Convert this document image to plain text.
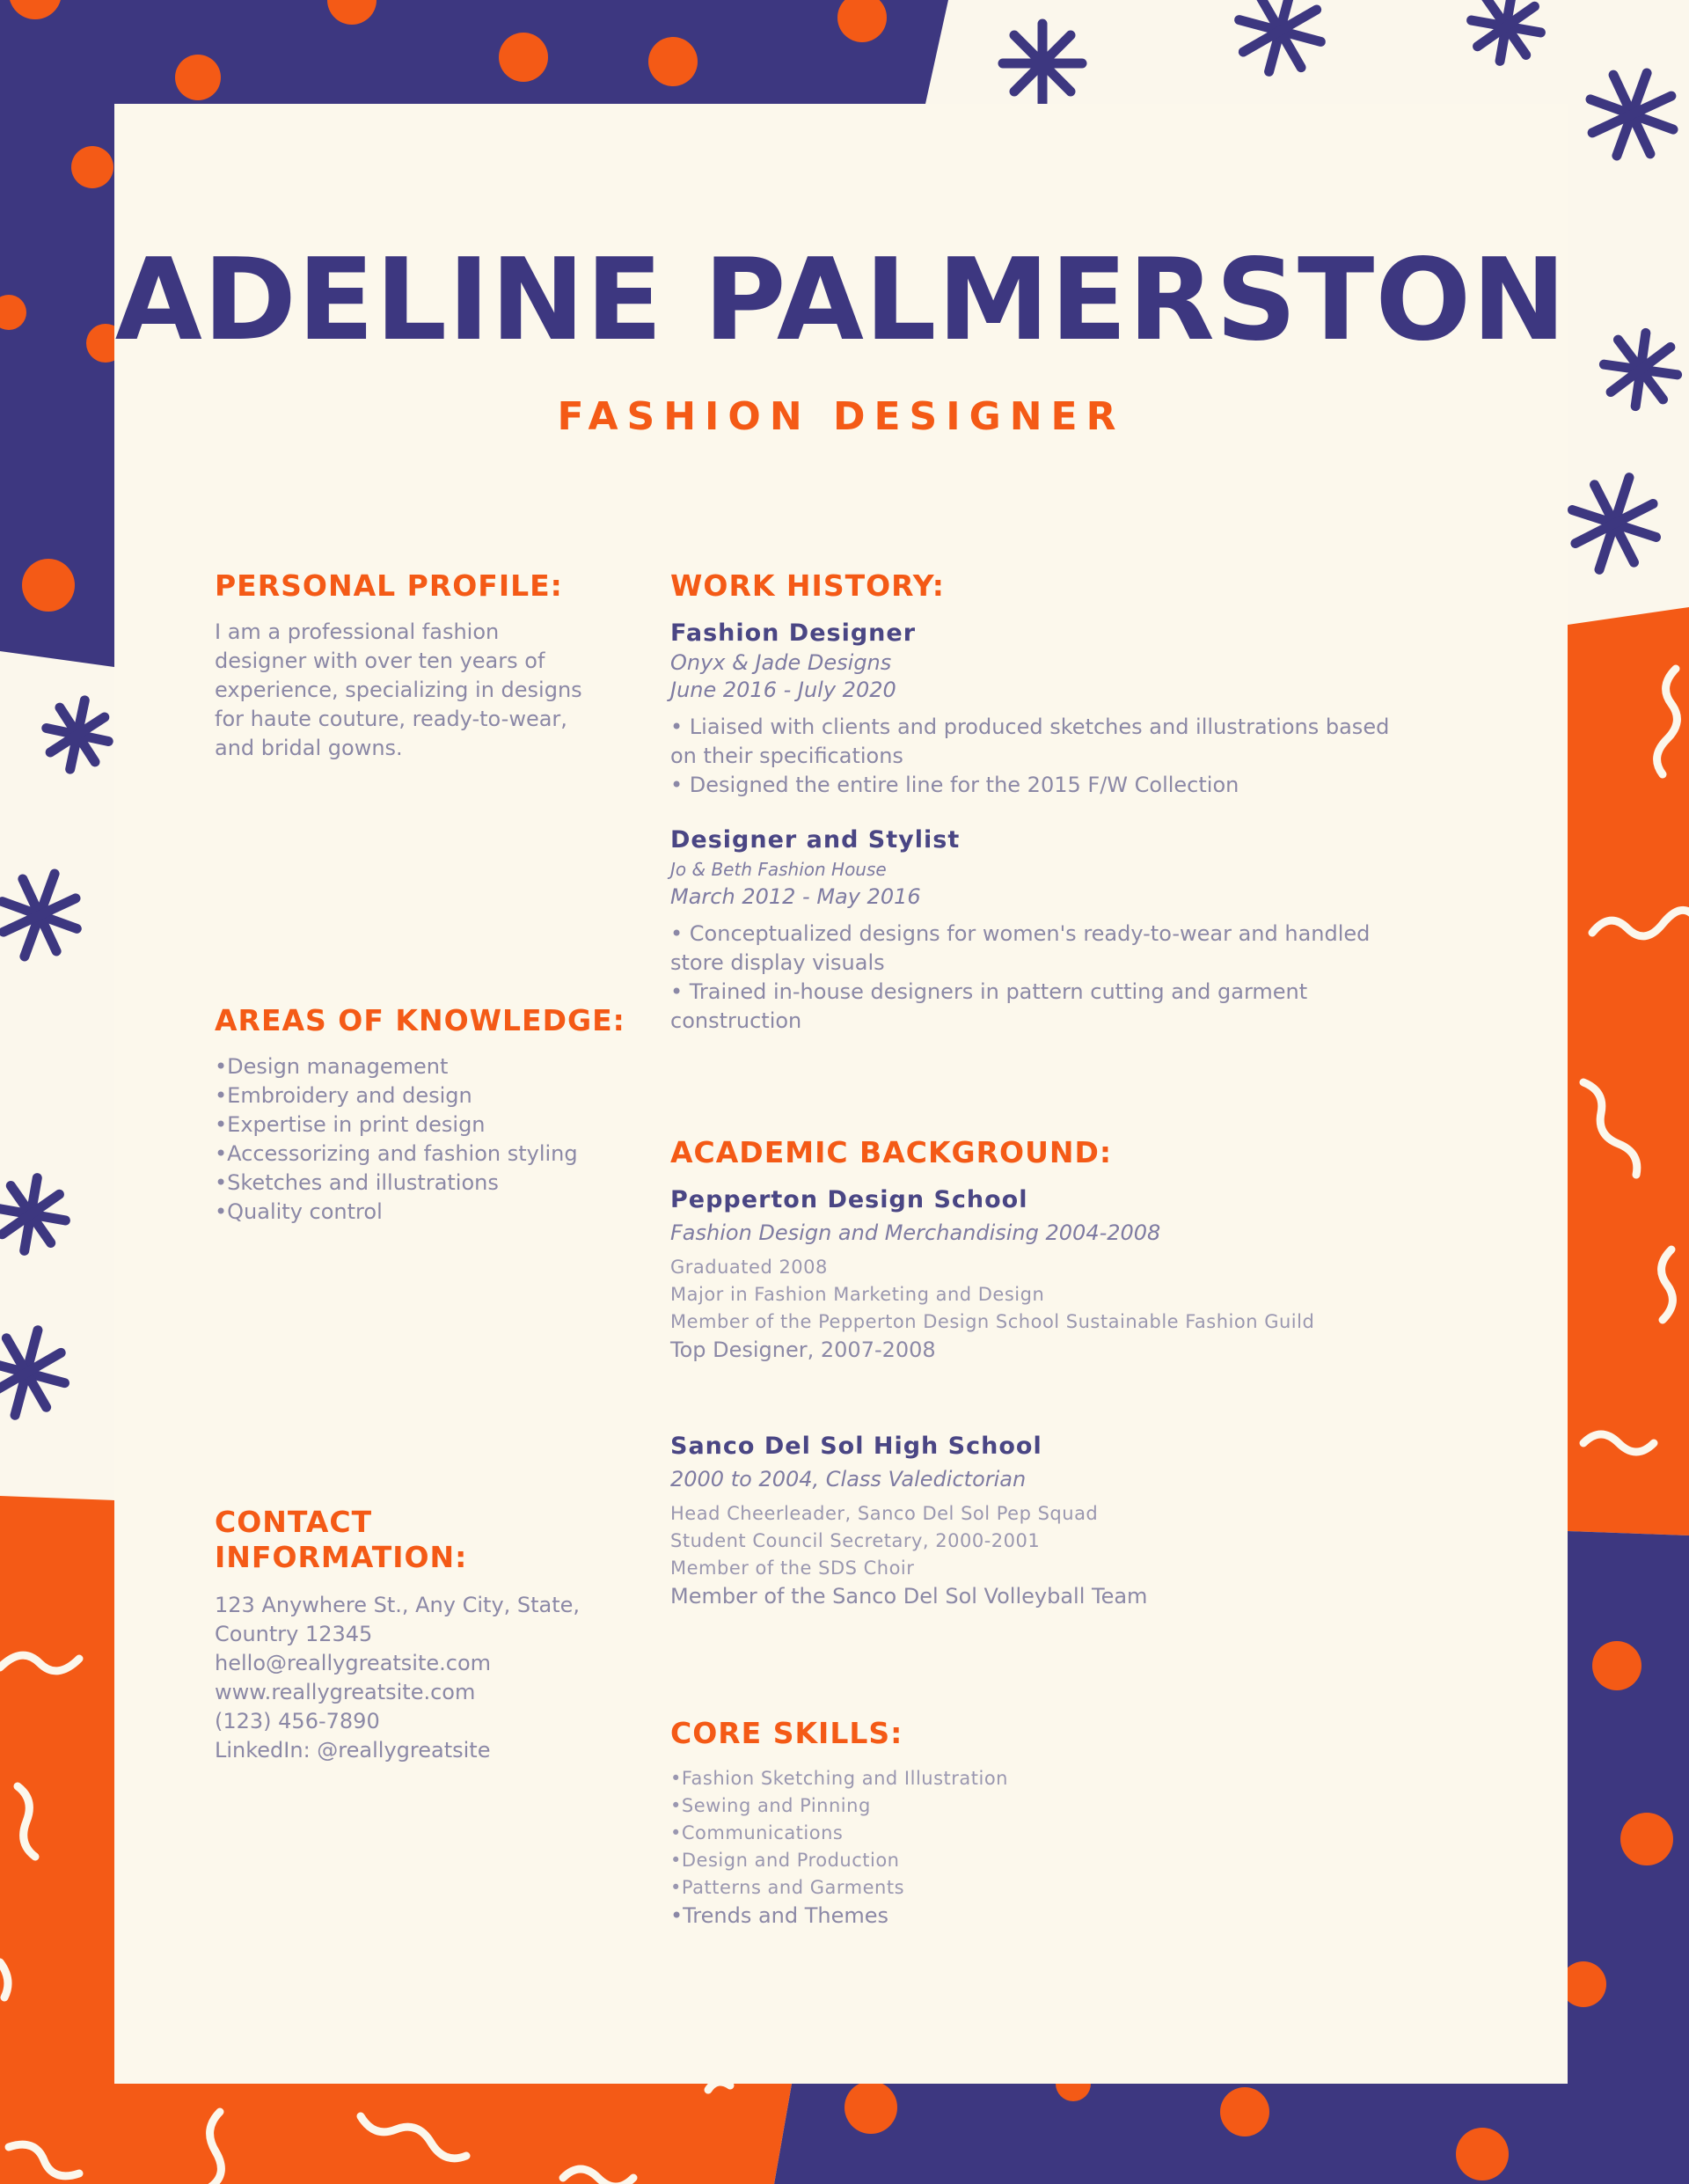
ADELINE PALMERSTON
FASHION DESIGNER
PERSONAL PROFILE:

I am a professional fashion

designer with over ten years of

experience, specializing in designs

for haute couture, ready-to-wear,

and bridal gowns.

AREAS OF KNOWLEDGE:
• Design management
• Embroidery and design
• Expertise in print design
• Accessorizing and fashion styling
• Sketches and illustrations
• Quality control
CONTACT
INFORMATION:

123 Anywhere St., Any City, State,

Country 12345

hello@reallygreatsite.com

www.reallygreatsite.com

(123) 456-7890

LinkedIn: @reallygreatsite

WORK HISTORY:

Fashion Designer

Onyx & Jade Designs

June 2016 - July 2020

• Liaised with clients and produced sketches and illustrations based

on their specifications

• Designed the entire line for the 2015 F/W Collection

Designer and Stylist

Jo & Beth Fashion House

March 2012 - May 2016

• Conceptualized designs for women's ready-to-wear and handled

store display visuals

• Trained in-house designers in pattern cutting and garment

construction

ACADEMIC BACKGROUND:

Pepperton Design School

Fashion Design and Merchandising 2004-2008

Graduated 2008

Major in Fashion Marketing and Design

Member of the Pepperton Design School Sustainable Fashion Guild

Top Designer, 2007-2008

Sanco Del Sol High School

2000 to 2004, Class Valedictorian

Head Cheerleader, Sanco Del Sol Pep Squad

Student Council Secretary, 2000-2001

Member of the SDS Choir

Member of the Sanco Del Sol Volleyball Team

CORE SKILLS:
• Fashion Sketching and Illustration
• Sewing and Pinning
• Communications
• Design and Production
• Patterns and Garments
• Trends and Themes
